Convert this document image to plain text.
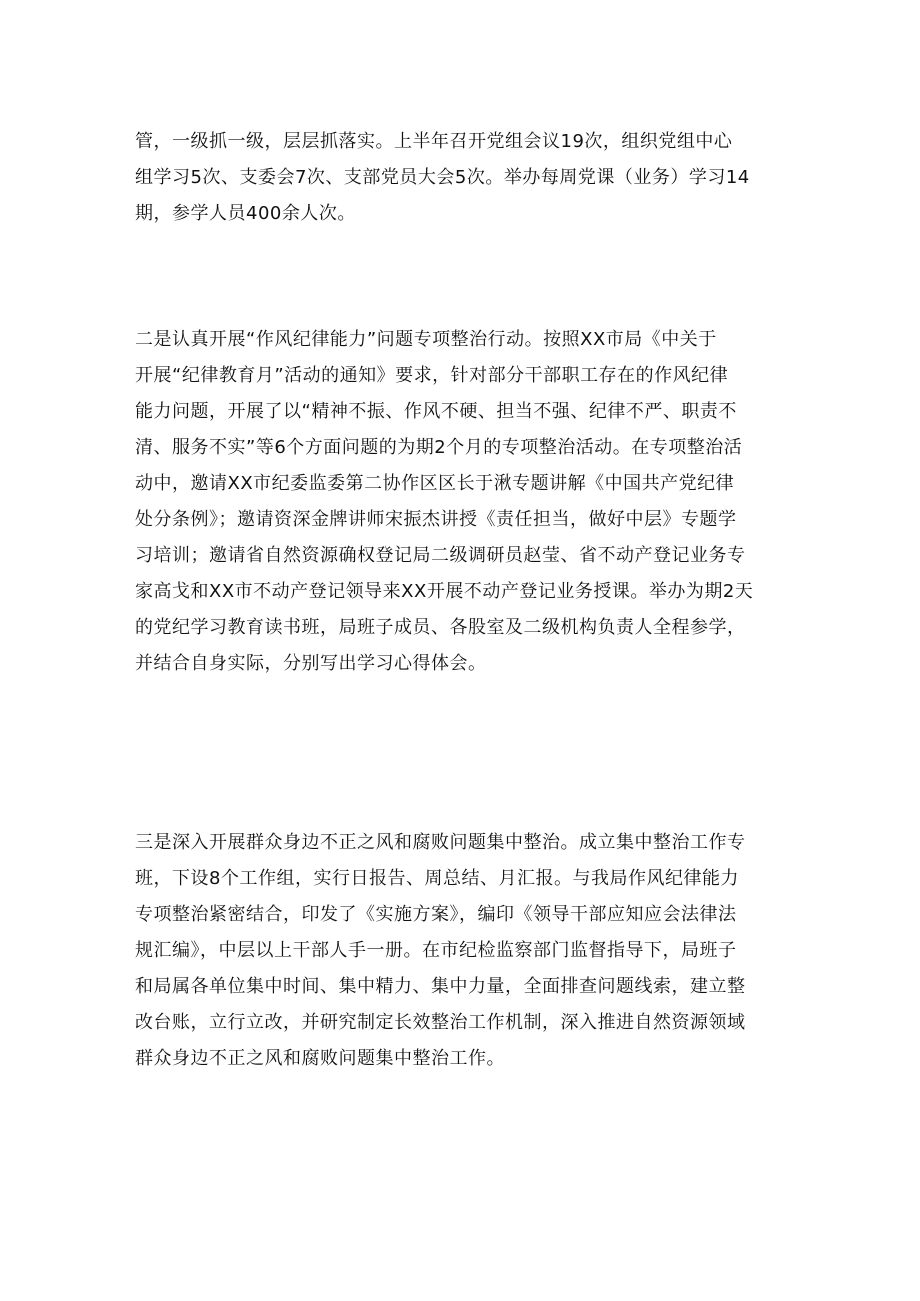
管，一级抓一级，层层抓落实。上半年召开党组会议19次，组织党组中心
组学习5次、支委会7次、支部党员大会5次。举办每周党课（业务）学习14
期，参学人员400余人次。
二是认真开展“作风纪律能力”问题专项整治行动。按照XX市局《中关于
开展“纪律教育月”活动的通知》要求，针对部分干部职工存在的作风纪律
能力问题，开展了以“精神不振、作风不硬、担当不强、纪律不严、职责不
清、服务不实”等6个方面问题的为期2个月的专项整治活动。在专项整治活
动中，邀请XX市纪委监委第二协作区区长于湫专题讲解《中国共产党纪律
处分条例》；邀请资深金牌讲师宋振杰讲授《责任担当，做好中层》专题学
习培训；邀请省自然资源确权登记局二级调研员赵莹、省不动产登记业务专
家高戈和XX市不动产登记领导来XX开展不动产登记业务授课。举办为期2天
的党纪学习教育读书班，局班子成员、各股室及二级机构负责人全程参学，
并结合自身实际，分别写出学习心得体会。
三是深入开展群众身边不正之风和腐败问题集中整治。成立集中整治工作专
班，下设8个工作组，实行日报告、周总结、月汇报。与我局作风纪律能力
专项整治紧密结合，印发了《实施方案》，编印《领导干部应知应会法律法
规汇编》，中层以上干部人手一册。在市纪检监察部门监督指导下，局班子
和局属各单位集中时间、集中精力、集中力量，全面排查问题线索，建立整
改台账，立行立改，并研究制定长效整治工作机制，深入推进自然资源领域
群众身边不正之风和腐败问题集中整治工作。
